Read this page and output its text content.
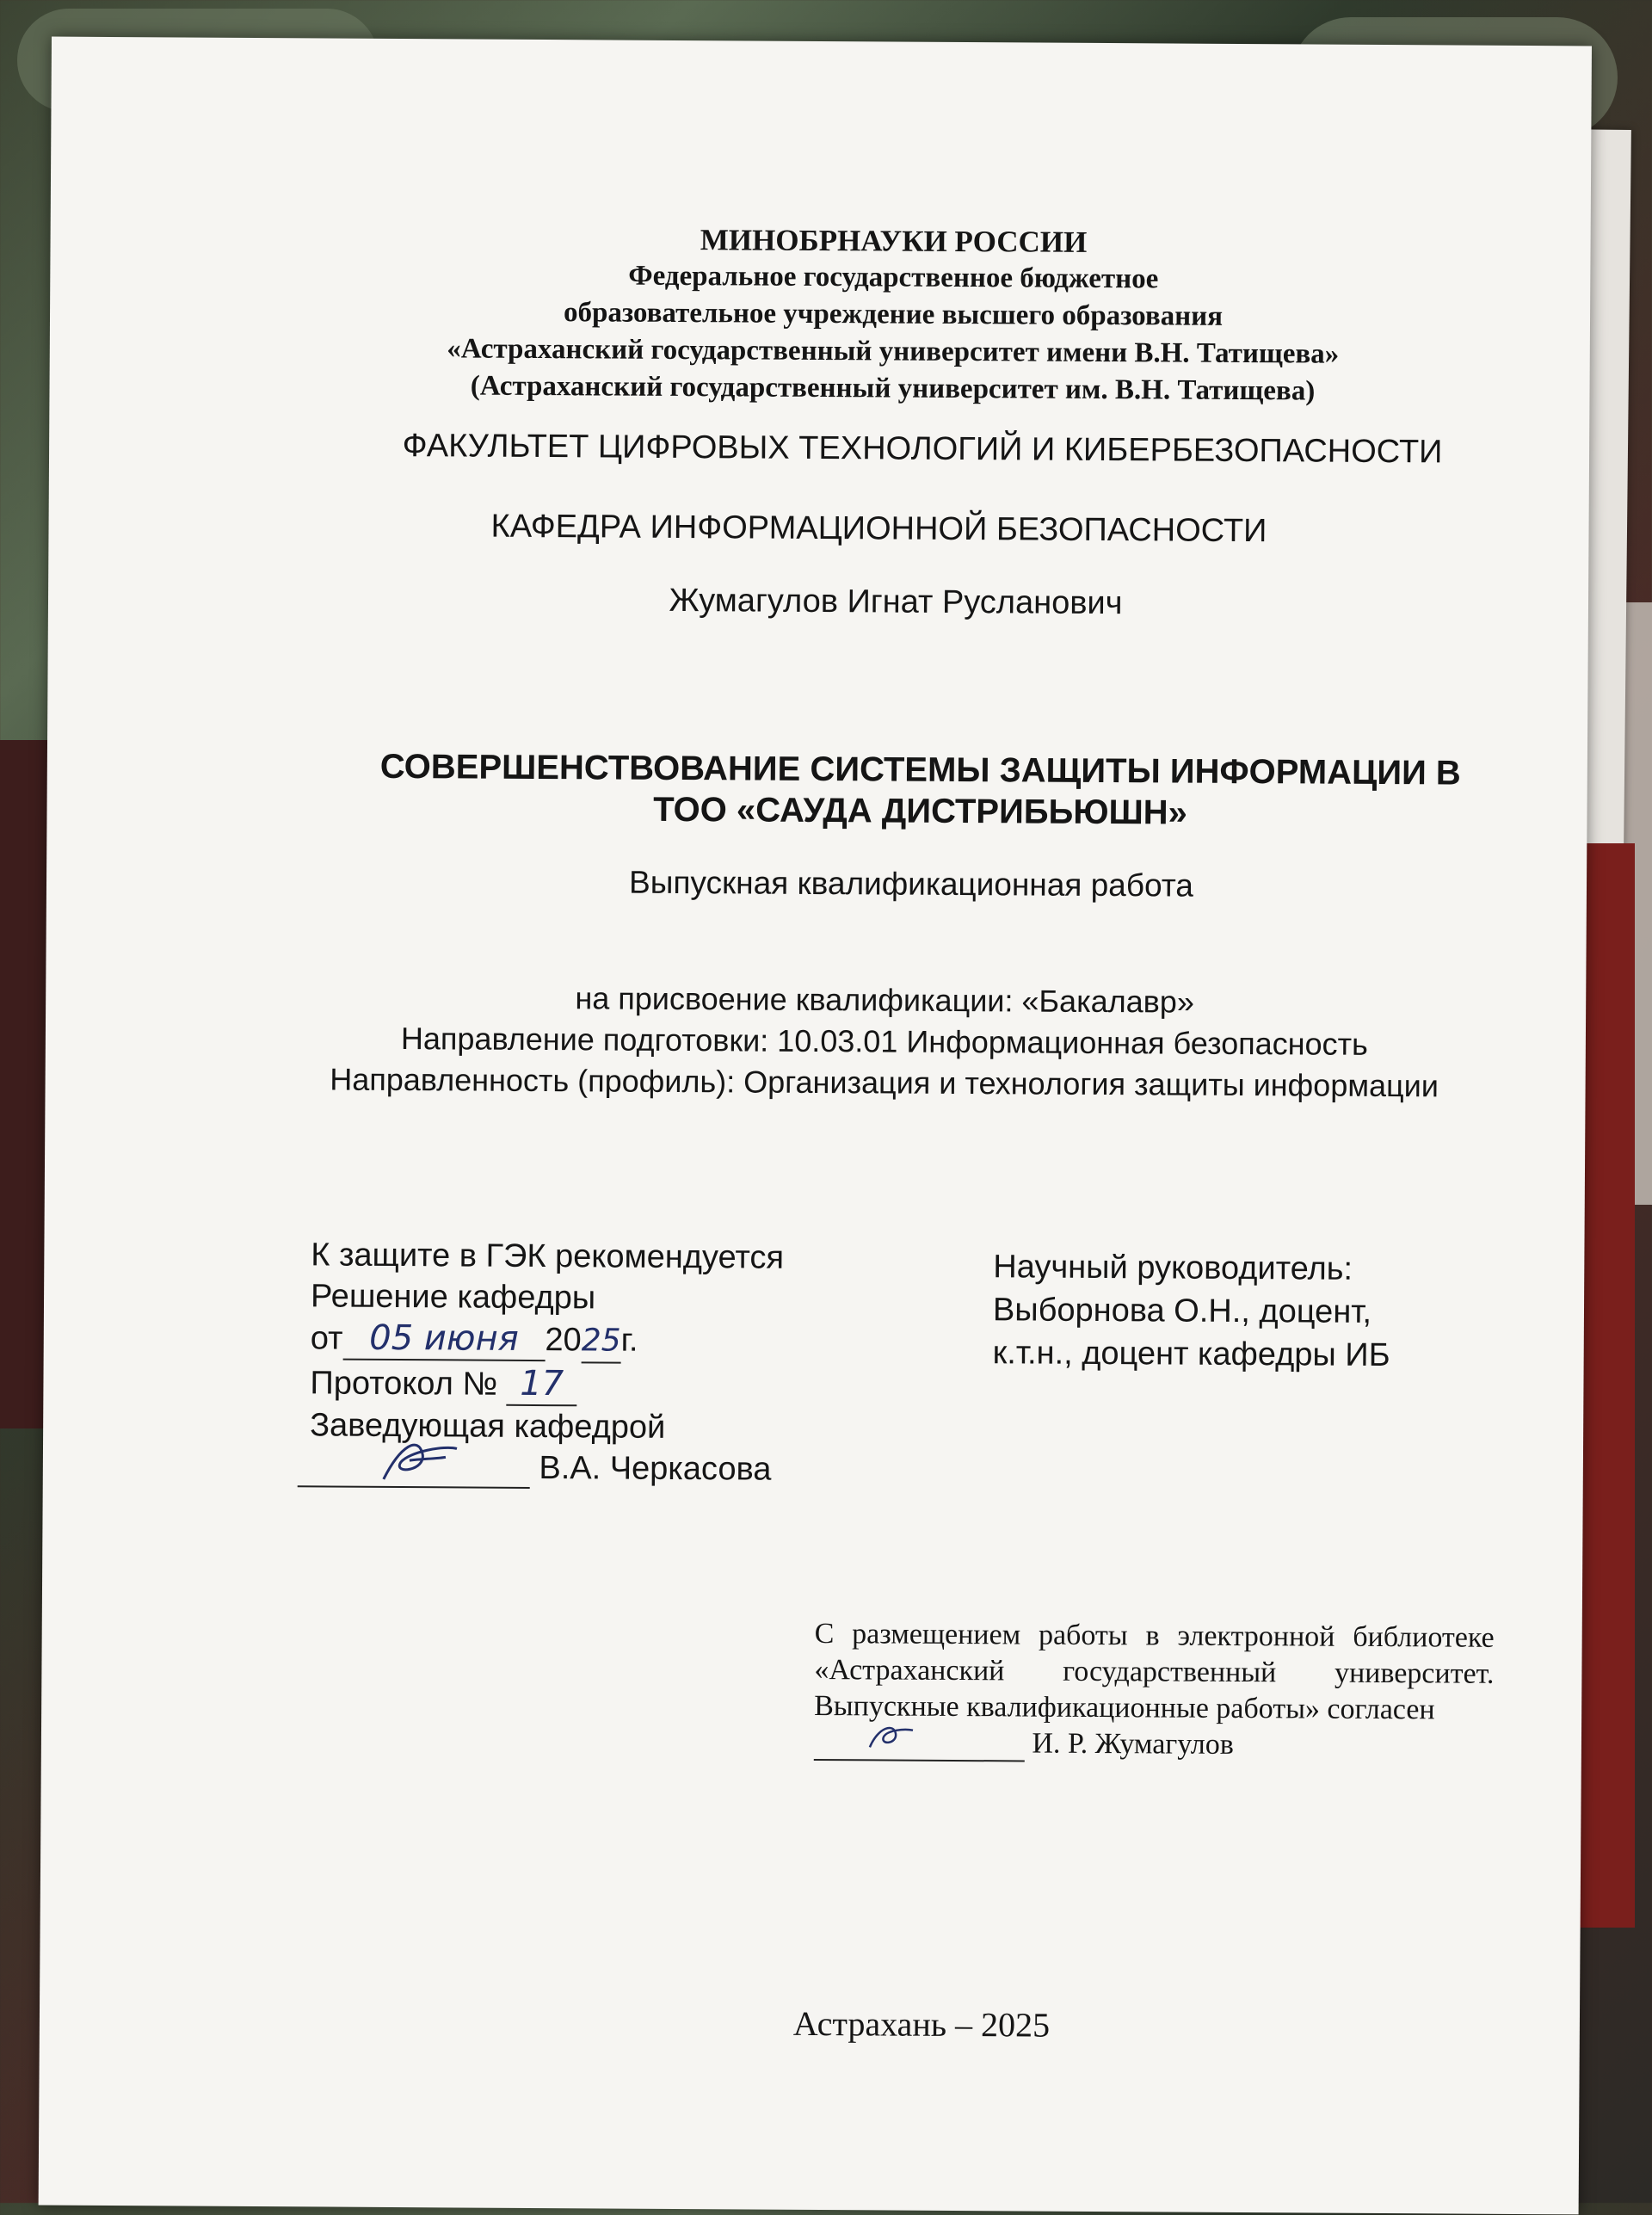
МИНОБРНАУКИ РОССИИ
Федеральное государственное бюджетное
образовательное учреждение высшего образования
«Астраханский государственный университет имени В.Н. Татищева»
(Астраханский государственный университет им. В.Н. Татищева)
ФАКУЛЬТЕТ ЦИФРОВЫХ ТЕХНОЛОГИЙ И КИБЕРБЕЗОПАСНОСТИ
КАФЕДРА ИНФОРМАЦИОННОЙ БЕЗОПАСНОСТИ
Жумагулов Игнат Русланович
СОВЕРШЕНСТВОВАНИЕ СИСТЕМЫ ЗАЩИТЫ ИНФОРМАЦИИ В
ТОО «САУДА ДИСТРИБЬЮШН»
Выпускная квалификационная работа
на присвоение квалификации: «Бакалавр»
Направление подготовки: 10.03.01 Информационная безопасность
Направленность (профиль): Организация и технология защиты информации
К защите в ГЭК рекомендуется
Решение кафедры
от 05 июня 2025г.
Протокол № 17
Заведующая кафедрой
В.А. Черкасова
Научный руководитель:
Выборнова О.Н., доцент,
к.т.н., доцент кафедры ИБ
С размещением работы в электронной библиотеке «Астраханский государственный университет. Выпускные квалификационные работы» согласен
И. Р. Жумагулов
Астрахань – 2025
